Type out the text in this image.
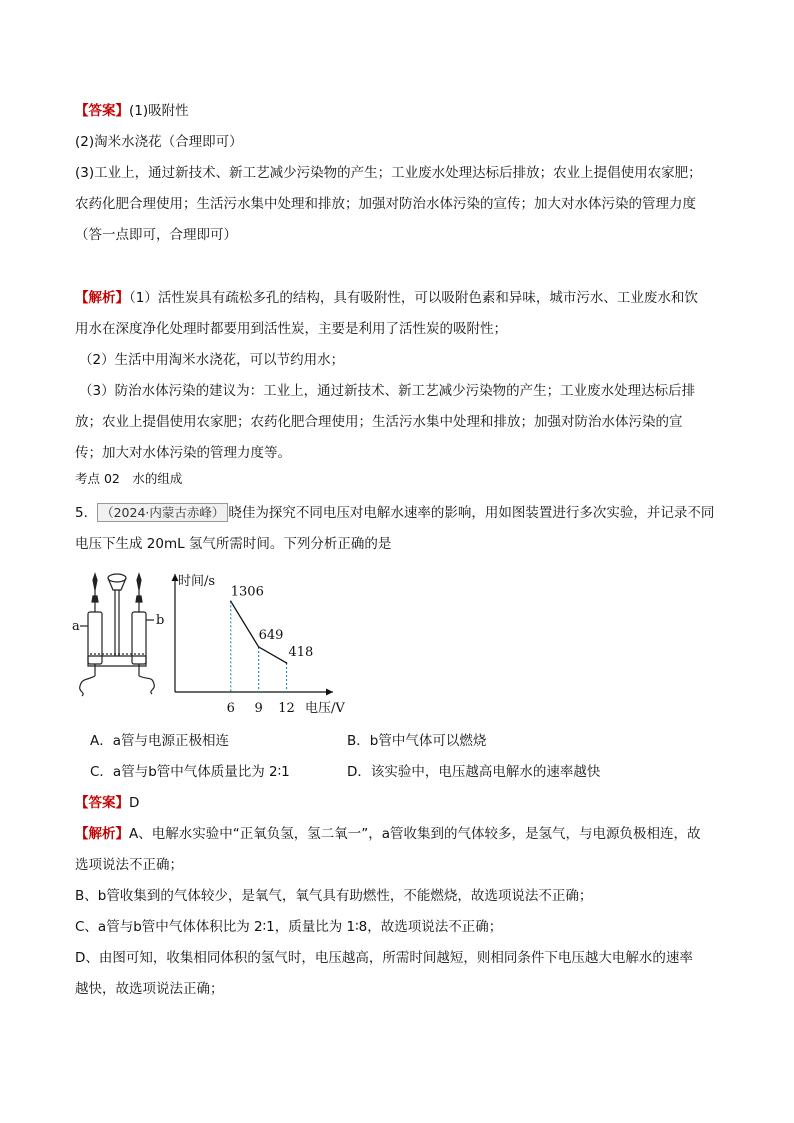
【答案】(1)吸附性
(2)淘米水浇花（合理即可）
(3)工业上，通过新技术、新工艺减少污染物的产生；工业废水处理达标后排放；农业上提倡使用农家肥；
农药化肥合理使用；生活污水集中处理和排放；加强对防治水体污染的宣传；加大对水体污染的管理力度
（答一点即可，合理即可）
【解析】（1）活性炭具有疏松多孔的结构，具有吸附性，可以吸附色素和异味，城市污水、工业废水和饮
用水在深度净化处理时都要用到活性炭，主要是利用了活性炭的吸附性；
（2）生活中用淘米水浇花，可以节约用水；
（3）防治水体污染的建议为：工业上，通过新技术、新工艺减少污染物的产生；工业废水处理达标后排
放；农业上提倡使用农家肥；农药化肥合理使用；生活污水集中处理和排放；加强对防治水体污染的宣
传；加大对水体污染的管理力度等。
考点 02　水的组成
5． （2024·内蒙古赤峰） 晓佳为探究不同电压对电解水速率的影响，用如图装置进行多次实验，并记录不同
电压下生成 20mL 氢气所需时间。下列分析正确的是
a	b
时间/s
电压/V
1306
6
649
9
418
12
A．a管与电源正极相连	B．b管中气体可以燃烧
C．a管与b管中气体质量比为 2∶1	D．该实验中，电压越高电解水的速率越快
【答案】D
【解析】A、电解水实验中“正氧负氢，氢二氧一”，a管收集到的气体较多，是氢气，与电源负极相连，故
选项说法不正确；
B、b管收集到的气体较少，是氧气，氧气具有助燃性，不能燃烧，故选项说法不正确；
C、a管与b管中气体体积比为 2∶1，质量比为 1∶8，故选项说法不正确；
D、由图可知，收集相同体积的氢气时，电压越高，所需时间越短，则相同条件下电压越大电解水的速率
越快，故选项说法正确；
